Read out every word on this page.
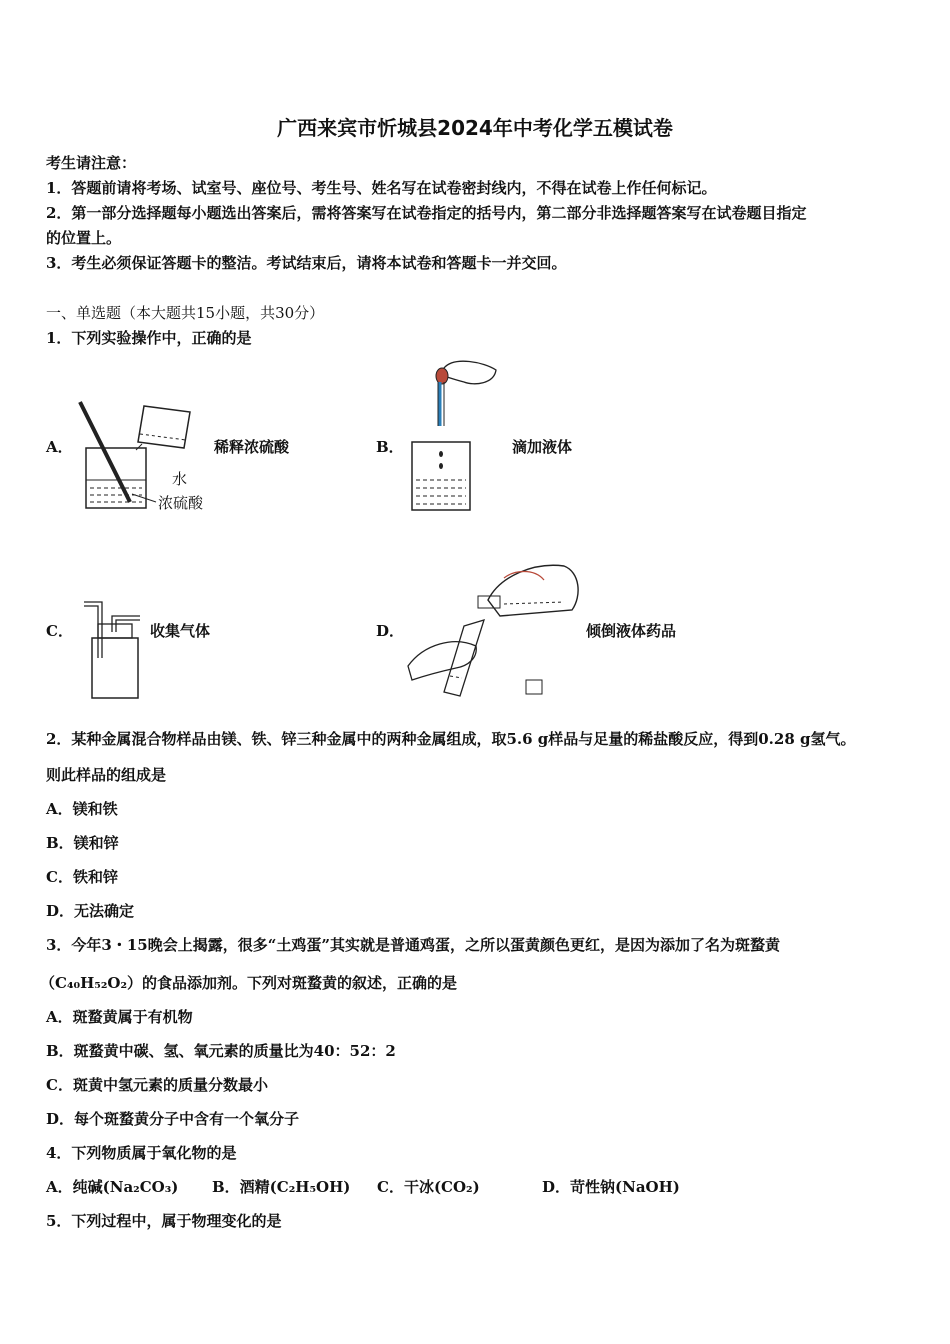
广西来宾市忻城县2024年中考化学五模试卷
考生请注意：
1．答题前请将考场、试室号、座位号、考生号、姓名写在试卷密封线内，不得在试卷上作任何标记。
2．第一部分选择题每小题选出答案后，需将答案写在试卷指定的括号内，第二部分非选择题答案写在试卷题目指定
的位置上。
3．考生必须保证答题卡的整洁。考试结束后，请将本试卷和答题卡一并交回。
一、单选题（本大题共15小题，共30分）
1．下列实验操作中，正确的是
A．
水
浓硫酸
稀释浓硫酸	B．	滴加液体
C．	收集气体	D．	倾倒液体药品
2．某种金属混合物样品由镁、铁、锌三种金属中的两种金属组成，取5.6 g样品与足量的稀盐酸反应，得到0.28 g氢气。
则此样品的组成是
A．镁和铁
B．镁和锌
C．铁和锌
D．无法确定
3．今年3・15晚会上揭露，很多“土鸡蛋”其实就是普通鸡蛋，之所以蛋黄颜色更红，是因为添加了名为斑蝥黄
（C₄₀H₅₂O₂）的食品添加剂。下列对斑蝥黄的叙述，正确的是
A．斑蝥黄属于有机物
B．斑蝥黄中碳、氢、氧元素的质量比为40：52：2
C．斑黄中氢元素的质量分数最小
D．每个斑蝥黄分子中含有一个氧分子
4．下列物质属于氧化物的是
A．纯碱(Na₂CO₃) B．酒精(C₂H₅OH) C．干冰(CO₂)	D．苛性钠(NaOH)
5．下列过程中，属于物理变化的是
